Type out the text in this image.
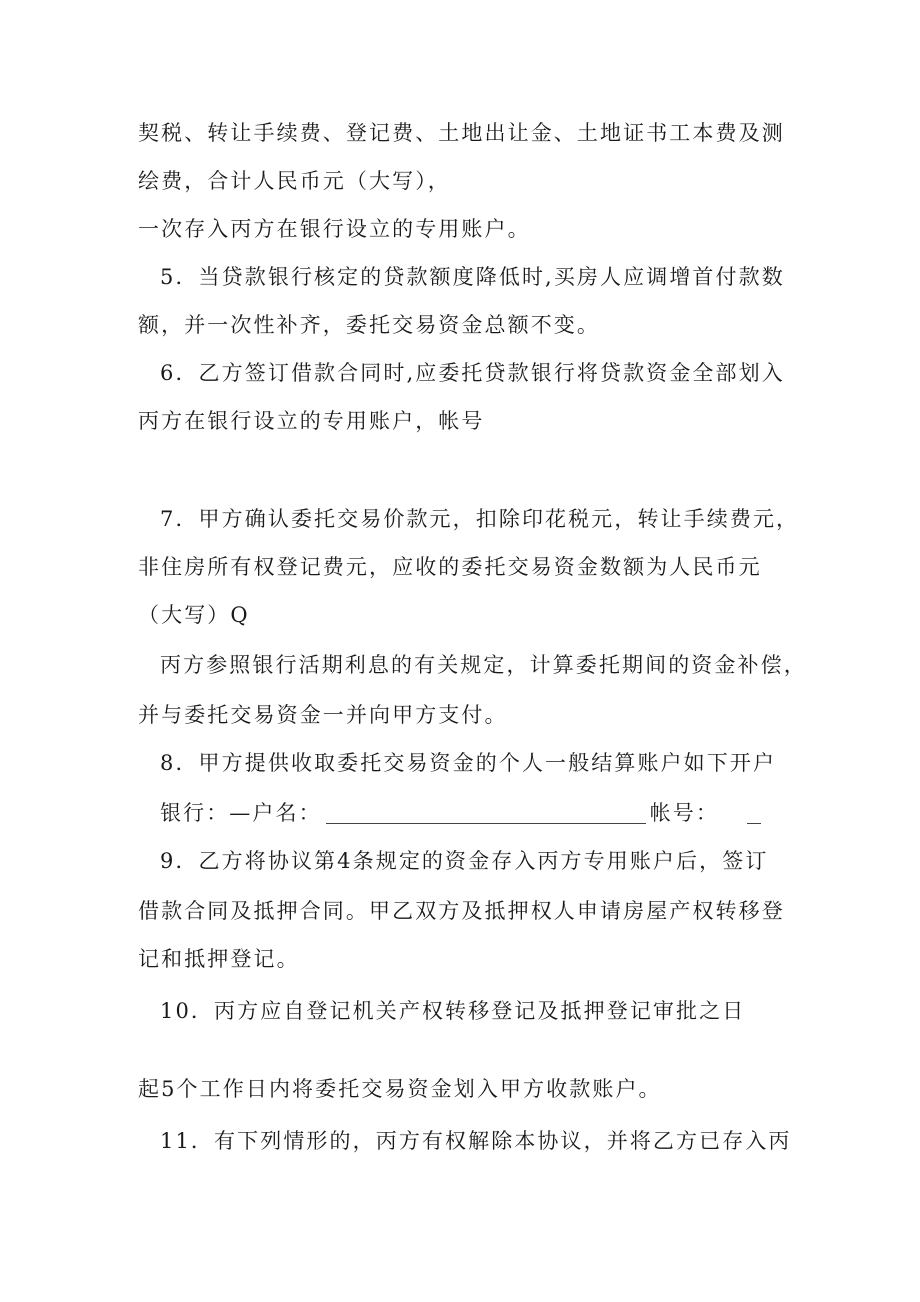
契税、转让手续费、登记费、土地出让金、土地证书工本费及测
绘费，合计人民币元（大写），
一次存入丙方在银行设立的专用账户。
5．当贷款银行核定的贷款额度降低时,买房人应调增首付款数
额，并一次性补齐，委托交易资金总额不变。
6．乙方签订借款合同时,应委托贷款银行将贷款资金全部划入
丙方在银行设立的专用账户，帐号
7．甲方确认委托交易价款元，扣除印花税元，转让手续费元，
非住房所有权登记费元，应收的委托交易资金数额为人民币元
（大写）Q
丙方参照银行活期利息的有关规定，计算委托期间的资金补偿，
并与委托交易资金一并向甲方支付。
8．甲方提供收取委托交易资金的个人一般结算账户如下开户
银行：—户名：	帐号：
9．乙方将协议第4条规定的资金存入丙方专用账户后，签订
借款合同及抵押合同。甲乙双方及抵押权人申请房屋产权转移登
记和抵押登记。
10．丙方应自登记机关产权转移登记及抵押登记审批之日
起5个工作日内将委托交易资金划入甲方收款账户。
11．有下列情形的，丙方有权解除本协议，并将乙方已存入丙
